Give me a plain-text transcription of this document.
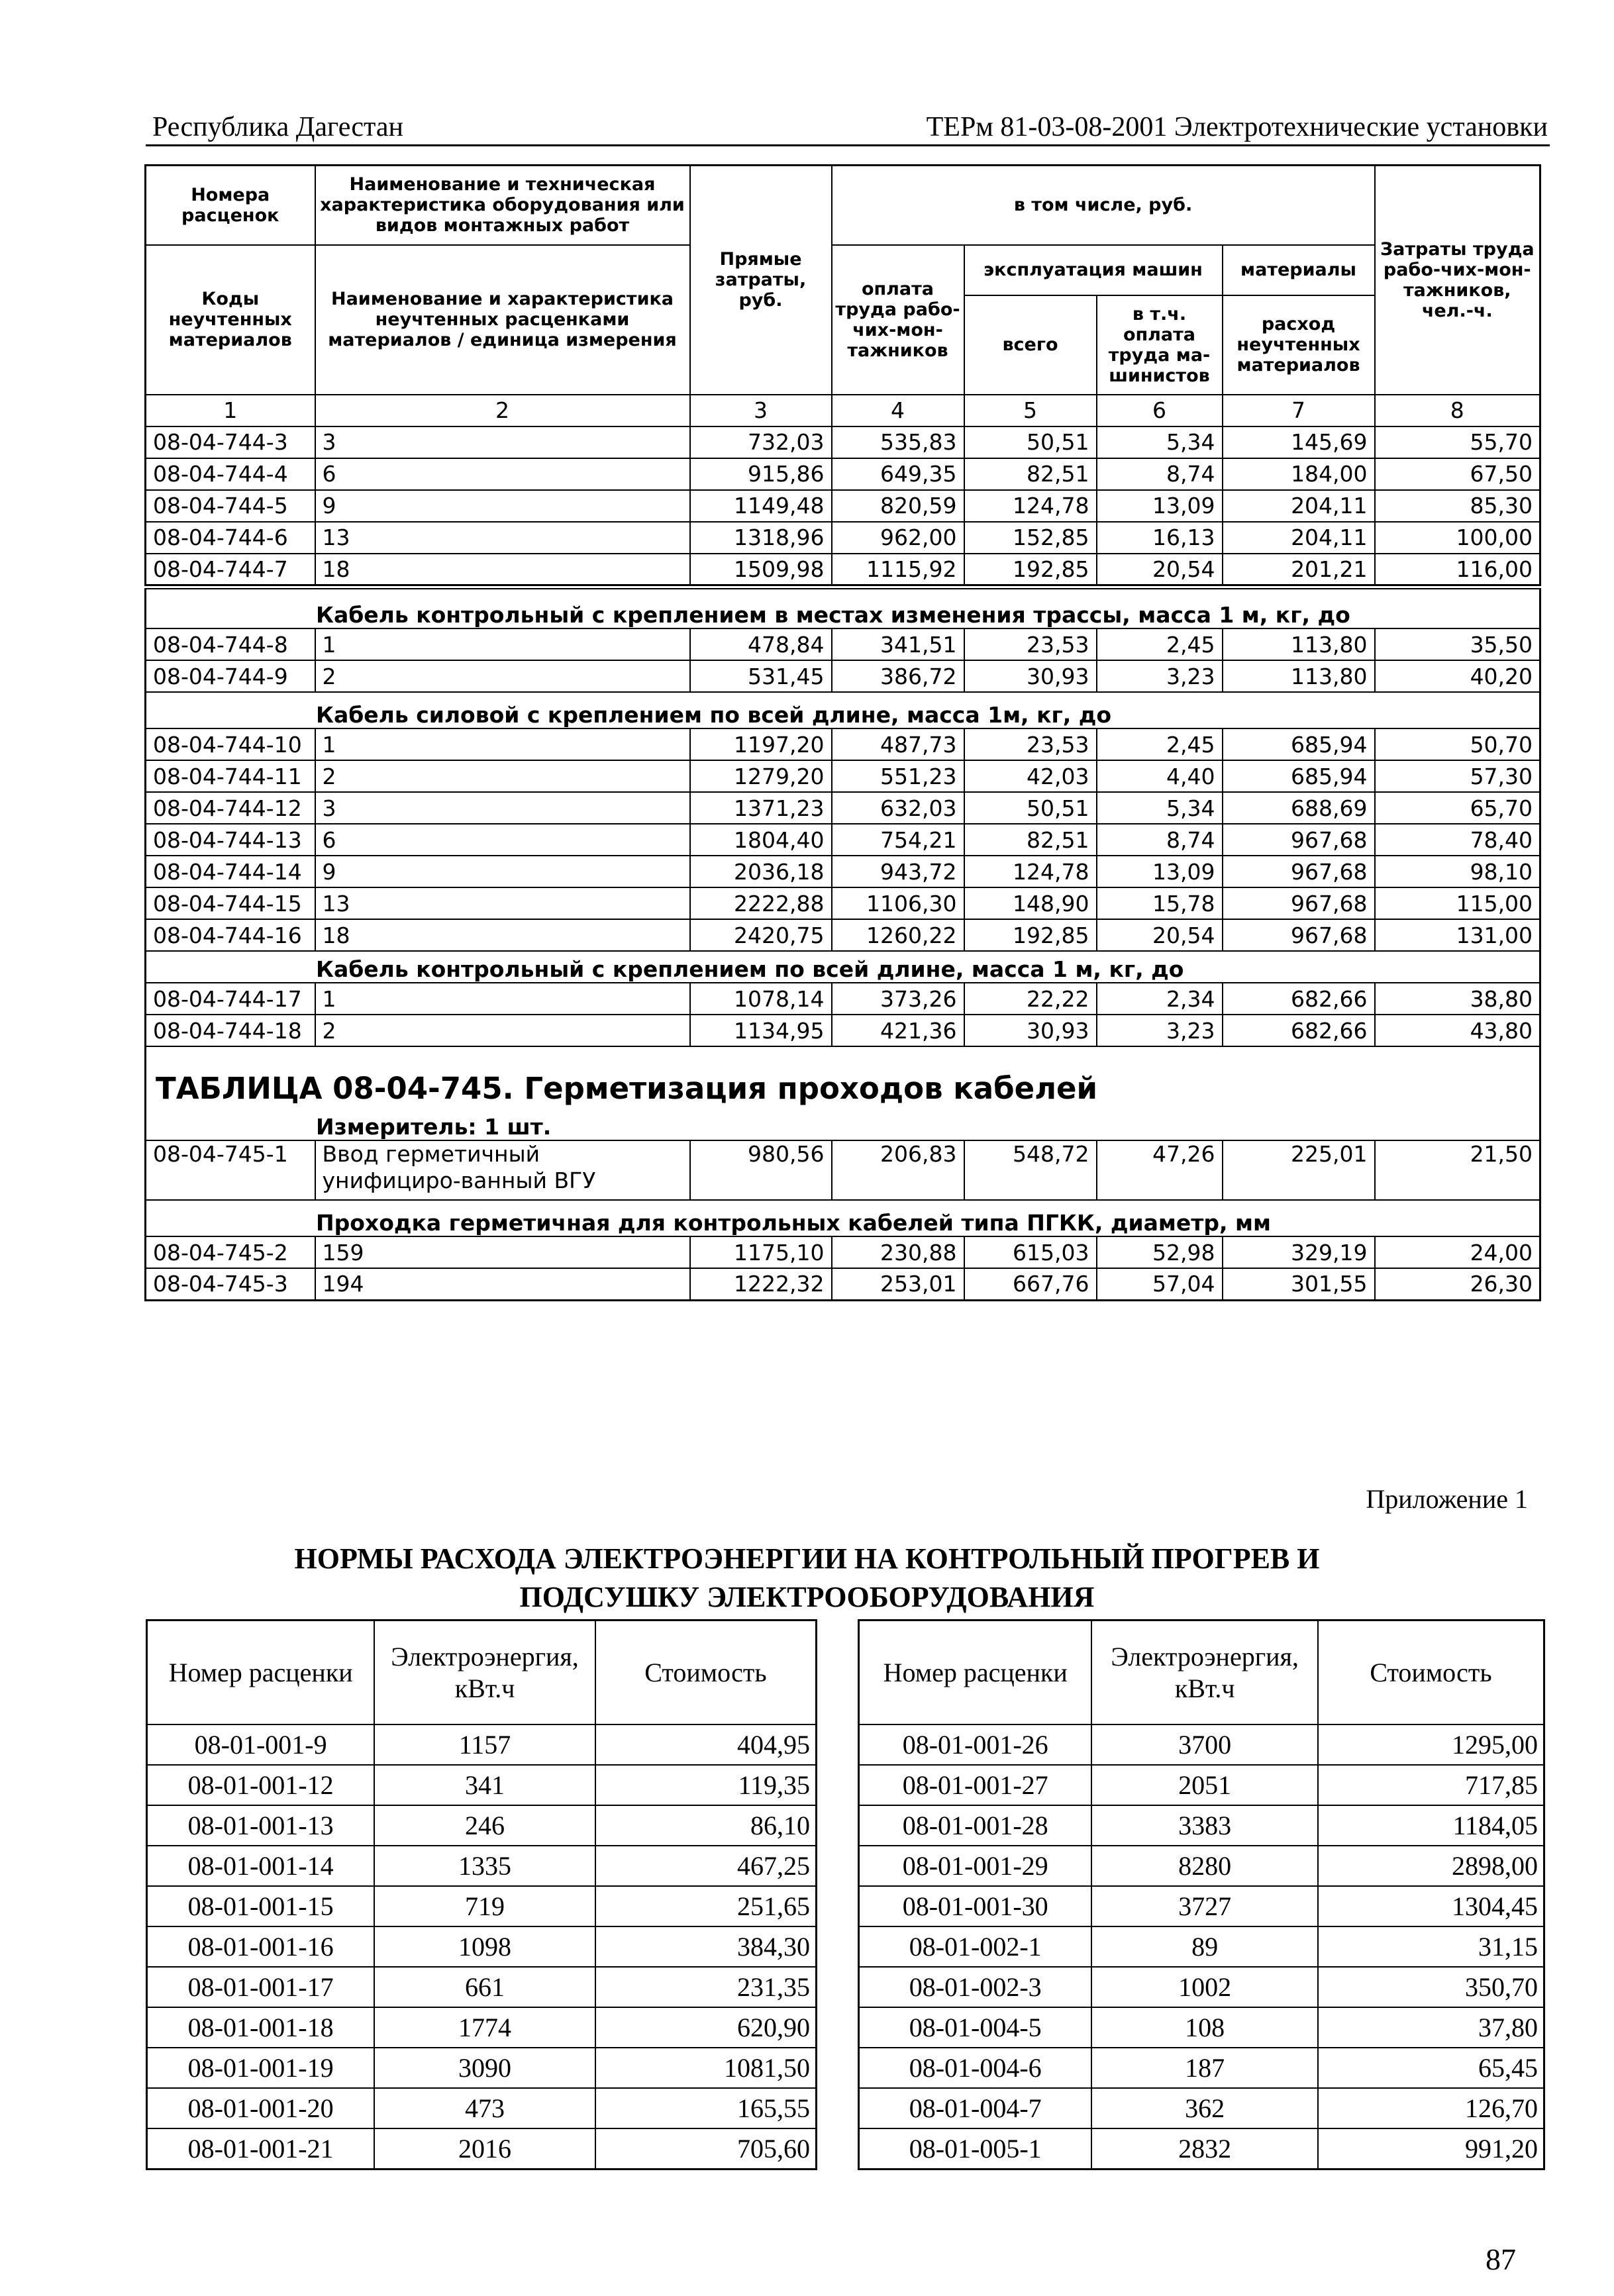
Республика Дагестан	ТЕРм 81-03-08-2001 Электротехнические установки
Номера расценок	Наименование и техническая характеристика оборудования или видов монтажных работ	Прямые затраты, руб.	в том числе, руб.				Затраты труда рабо-чих-мон-тажников, чел.-ч.
Коды неучтенных материалов	Наименование и характеристика неучтенных расценками материалов / единица измерения		оплата труда рабо-чих-мон-тажников	эксплуатация машин		материалы	
				всего	в т.ч. оплата труда ма-шинистов	расход неучтенных материалов	
1	2	3	4	5	6	7	8
08-04-744-3	3	732,03	535,83	50,51	5,34	145,69	55,70
08-04-744-4	6	915,86	649,35	82,51	8,74	184,00	67,50
08-04-744-5	9	1149,48	820,59	124,78	13,09	204,11	85,30
08-04-744-6	13	1318,96	962,00	152,85	16,13	204,11	100,00
08-04-744-7	18	1509,98	1115,92	192,85	20,54	201,21	116,00
Кабель контрольный с креплением в местах изменения трассы, масса 1 м, кг, до							
08-04-744-8	1	478,84	341,51	23,53	2,45	113,80	35,50
08-04-744-9	2	531,45	386,72	30,93	3,23	113,80	40,20
Кабель силовой с креплением по всей длине, масса 1м, кг, до							
08-04-744-10	1	1197,20	487,73	23,53	2,45	685,94	50,70
08-04-744-11	2	1279,20	551,23	42,03	4,40	685,94	57,30
08-04-744-12	3	1371,23	632,03	50,51	5,34	688,69	65,70
08-04-744-13	6	1804,40	754,21	82,51	8,74	967,68	78,40
08-04-744-14	9	2036,18	943,72	124,78	13,09	967,68	98,10
08-04-744-15	13	2222,88	1106,30	148,90	15,78	967,68	115,00
08-04-744-16	18	2420,75	1260,22	192,85	20,54	967,68	131,00
Кабель контрольный с креплением по всей длине, масса 1 м, кг, до							
08-04-744-17	1	1078,14	373,26	22,22	2,34	682,66	38,80
08-04-744-18	2	1134,95	421,36	30,93	3,23	682,66	43,80
ТАБЛИЦА 08-04-745. Герметизация проходов кабелей							
Измеритель: 1 шт.							
08-04-745-1	Ввод герметичный унифициро-ванный ВГУ	980,56	206,83	548,72	47,26	225,01	21,50
Проходка герметичная для контрольных кабелей типа ПГКК, диаметр, мм							
08-04-745-2	159	1175,10	230,88	615,03	52,98	329,19	24,00
08-04-745-3	194	1222,32	253,01	667,76	57,04	301,55	26,30
Приложение 1
НОРМЫ РАСХОДА ЭЛЕКТРОЭНЕРГИИ НА КОНТРОЛЬНЫЙ ПРОГРЕВ И
ПОДСУШКУ ЭЛЕКТРООБОРУДОВАНИЯ
Номер расценки	Электроэнергия, кВт.ч	Стоимость
08-01-001-9	1157	404,95
08-01-001-12	341	119,35
08-01-001-13	246	86,10
08-01-001-14	1335	467,25
08-01-001-15	719	251,65
08-01-001-16	1098	384,30
08-01-001-17	661	231,35
08-01-001-18	1774	620,90
08-01-001-19	3090	1081,50
08-01-001-20	473	165,55
08-01-001-21	2016	705,60
Номер расценки	Электроэнергия, кВт.ч	Стоимость
08-01-001-26	3700	1295,00
08-01-001-27	2051	717,85
08-01-001-28	3383	1184,05
08-01-001-29	8280	2898,00
08-01-001-30	3727	1304,45
08-01-002-1	89	31,15
08-01-002-3	1002	350,70
08-01-004-5	108	37,80
08-01-004-6	187	65,45
08-01-004-7	362	126,70
08-01-005-1	2832	991,20
87
